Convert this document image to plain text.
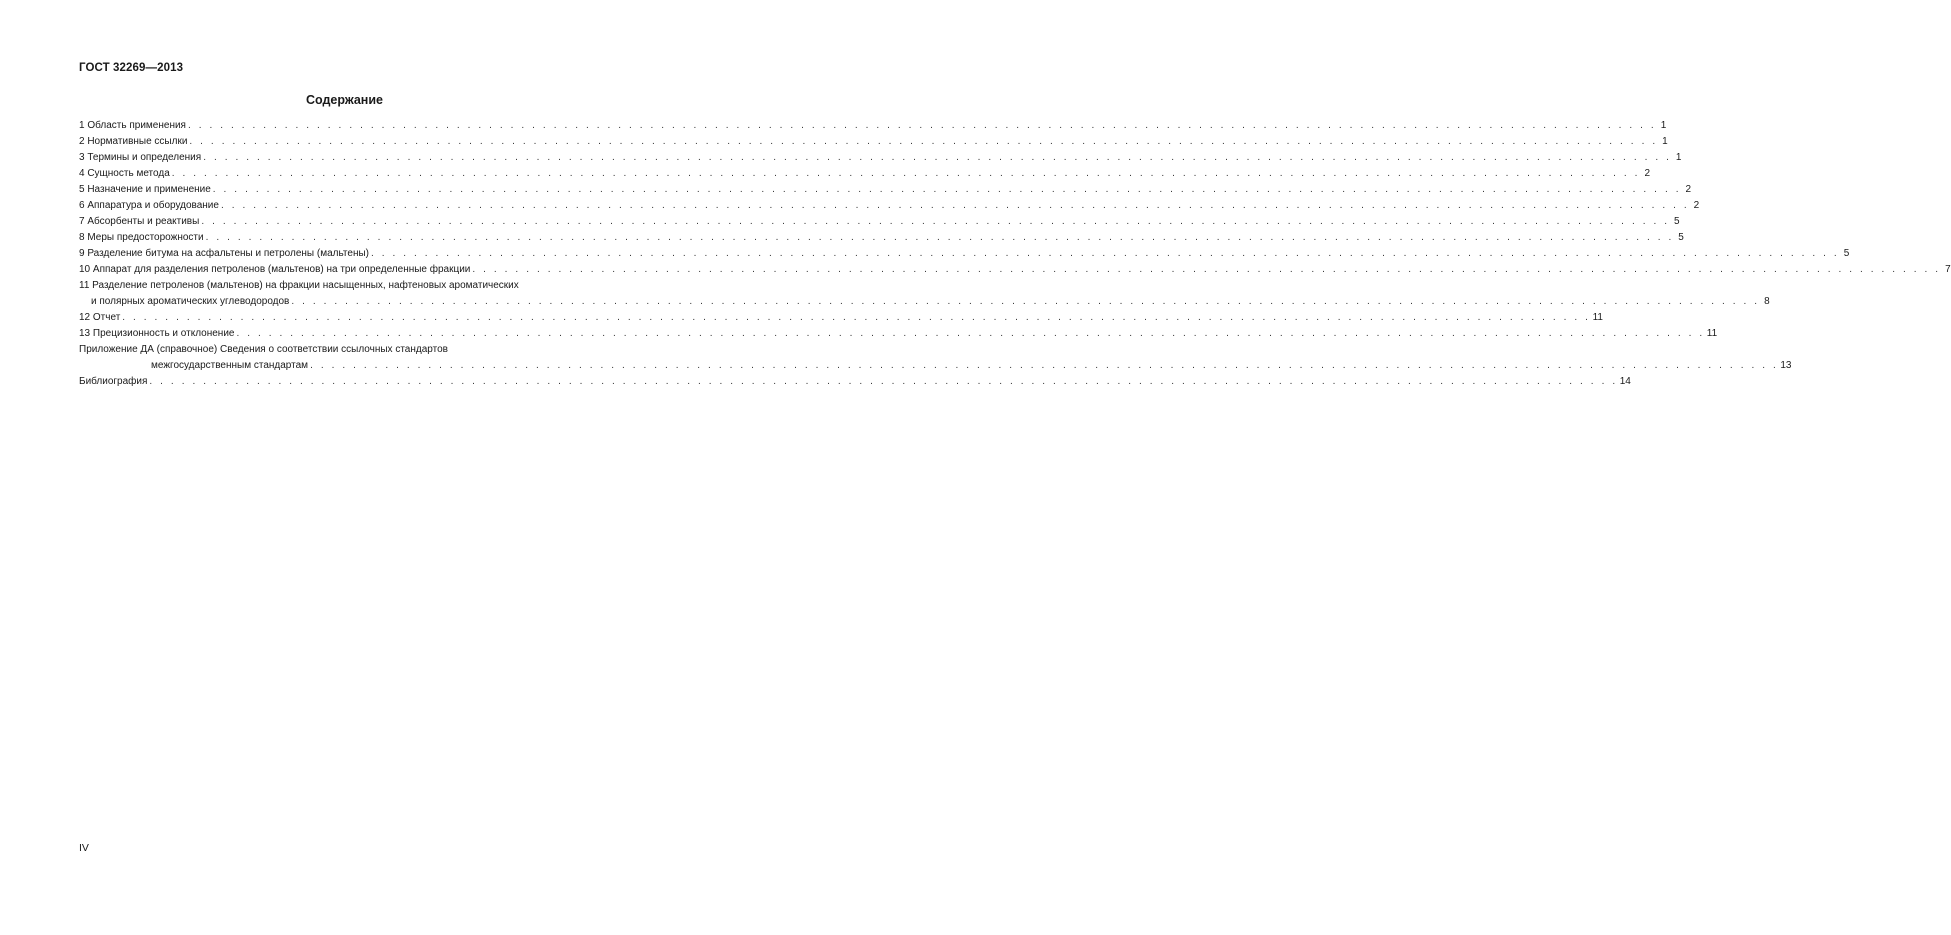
ГОСТ 32269—2013
Содержание
1 Область применения . . .	1
2 Нормативные ссылки . . .	1
3 Термины и определения . . .	1
4 Сущность метода . . .	2
5 Назначение и применение . . .	2
6 Аппаратура и оборудование . . .	2
7 Абсорбенты и реактивы . . .	5
8 Меры предосторожности . . .	5
9 Разделение битума на асфальтены и петролены (мальтены) . . .	5
10 Аппарат для разделения петроленов (мальтенов) на три определенные фракции . . .	7
11 Разделение петроленов (мальтенов) на фракции насыщенных, нафтеновых ароматических
и полярных ароматических углеводородов . . .	8
12 Отчет . . .	11
13 Прецизионность и отклонение . . .	11
Приложение ДА (справочное) Сведения о соответствии ссылочных стандартов
межгосударственным стандартам . . .	13
Библиография . . .	14
IV
